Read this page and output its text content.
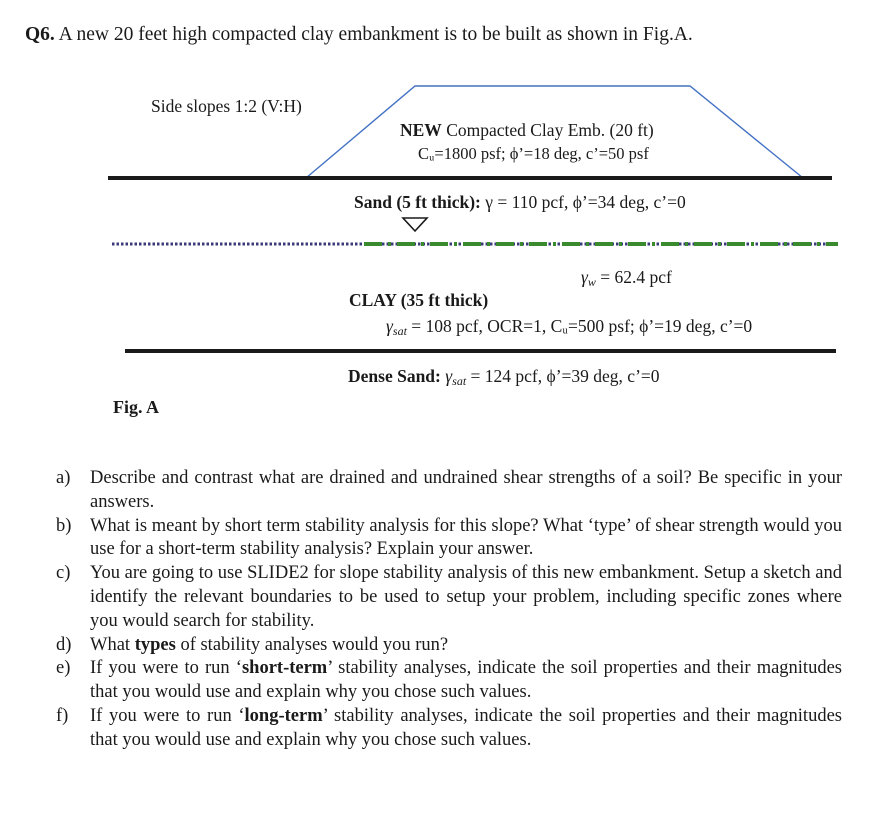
Q6. A new 20 feet high compacted clay embankment is to be built as shown in Fig.A.
Side slopes 1:2 (V:H)
NEW Compacted Clay Emb. (20 ft)
Cᵤ=1800 psf; ϕ’=18 deg, c’=50 psf
Sand (5 ft thick): γ = 110 pcf, ϕ’=34 deg, c’=0
$\gamma_w = 62.4$ pcf
CLAY (35 ft thick)
$\gamma_{sat} = 108$ pcf, OCR=1, Cᵤ=500 psf; ϕ’=19 deg, c’=0
Dense Sand: $\gamma_{sat} = 124$ pcf, ϕ’=39 deg, c’=0
Fig. A
a) Describe and contrast what are drained and undrained shear strengths of a soil? Be specific in your answers.
b) What is meant by short term stability analysis for this slope? What ‘type’ of shear strength would you use for a short-term stability analysis? Explain your answer.
c) You are going to use SLIDE2 for slope stability analysis of this new embankment. Setup a sketch and identify the relevant boundaries to be used to setup your problem, including specific zones where you would search for stability.
d) What types of stability analyses would you run?
e) If you were to run ‘short-term’ stability analyses, indicate the soil properties and their magnitudes that you would use and explain why you chose such values.
f) If you were to run ‘long-term’ stability analyses, indicate the soil properties and their magnitudes that you would use and explain why you chose such values.
